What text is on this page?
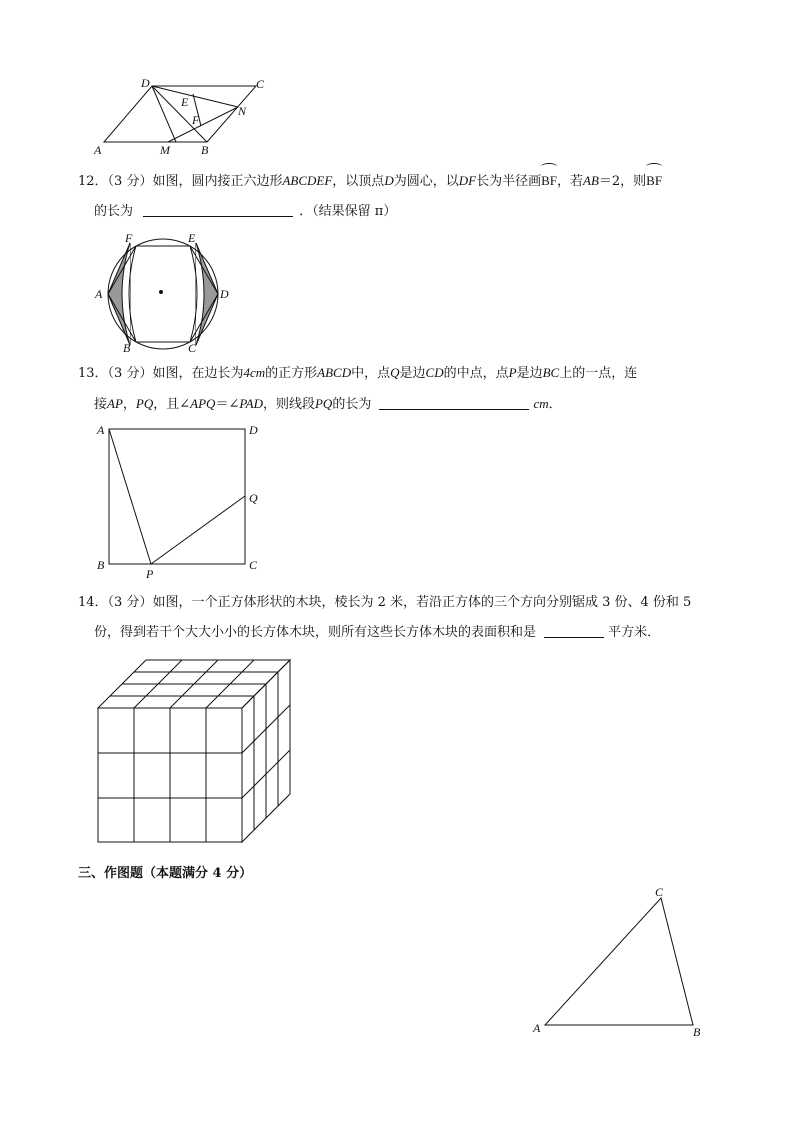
D	C
E
N
F
A	M	B
12．（3 分）如图，圆内接正六边形ABCDEF，以顶点D为圆心，以DF长为半径画BF，若AB＝2，则BF
的长为	．（结果保留 π）
F	E
A	D
B	C
13．（3 分）如图，在边长为4cm的正方形ABCD中，点Q是边CD的中点，点P是边BC上的一点，连
接AP，PQ，且∠APQ＝∠PAD，则线段PQ的长为	cm．
A	D
Q
B
P
C
14．（3 分）如图，一个正方体形状的木块，棱长为 2 米，若沿正方体的三个方向分别锯成 3 份、4 份和 5
份，得到若干个大大小小的长方体木块，则所有这些长方体木块的表面积和是	平方米．
三、作图题（本题满分 4 分）
C
A	B
